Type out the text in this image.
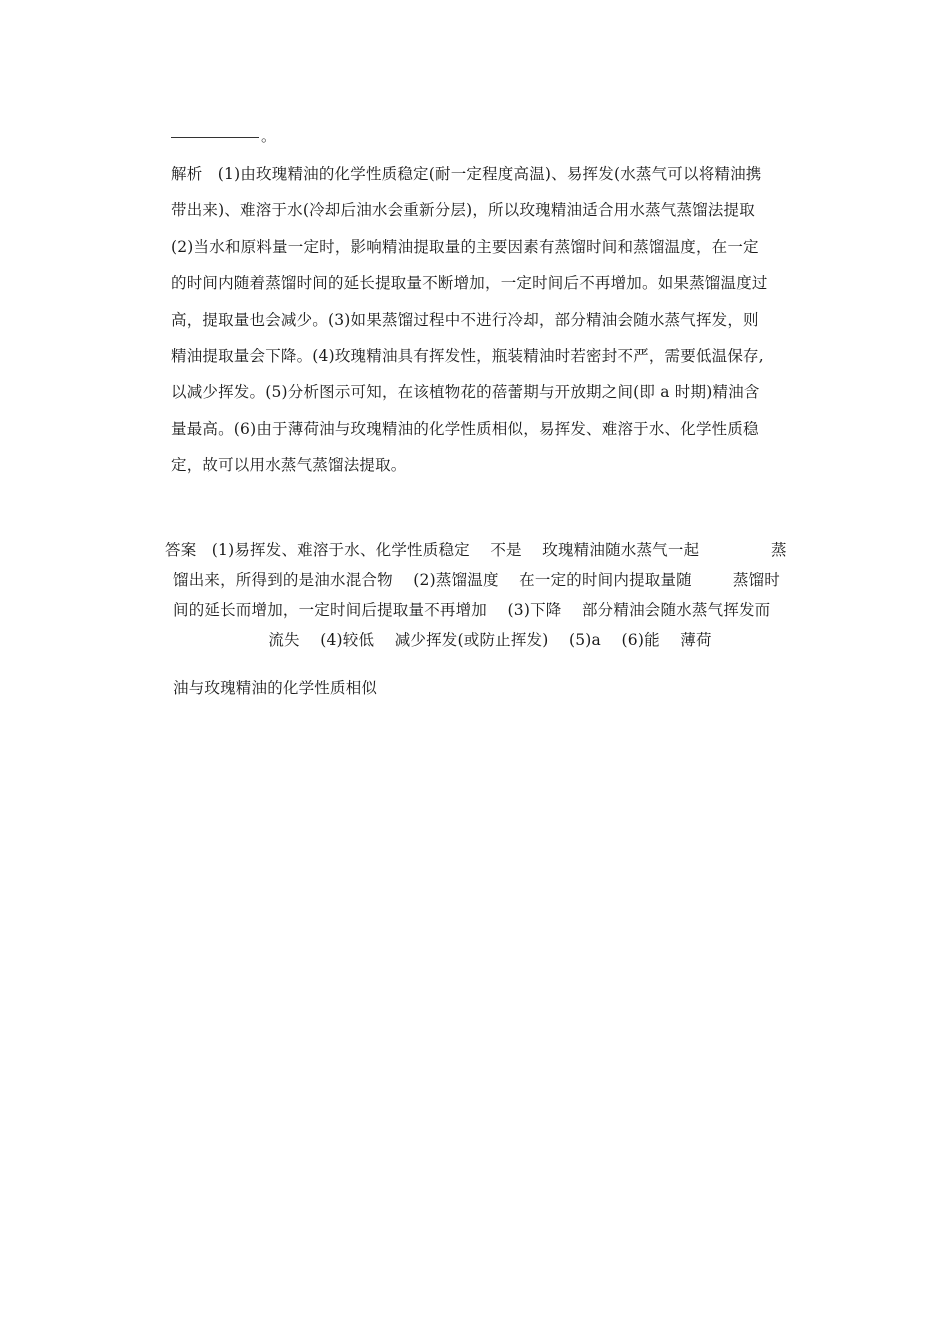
。
解析 (1)由玫瑰精油的化学性质稳定(耐一定程度高温)、易挥发(水蒸气可以将精油携
带出来)、难溶于水(冷却后油水会重新分层)，所以玫瑰精油适合用水蒸气蒸馏法提取
(2)当水和原料量一定时，影响精油提取量的主要因素有蒸馏时间和蒸馏温度，在一定
的时间内随着蒸馏时间的延长提取量不断增加，一定时间后不再增加。如果蒸馏温度过
高，提取量也会减少。(3)如果蒸馏过程中不进行冷却，部分精油会随水蒸气挥发，则
精油提取量会下降。(4)玫瑰精油具有挥发性，瓶装精油时若密封不严，需要低温保存,
以减少挥发。(5)分析图示可知，在该植物花的蓓蕾期与开放期之间(即 a 时期)精油含
量最高。(6)由于薄荷油与玫瑰精油的化学性质相似，易挥发、难溶于水、化学性质稳
定，故可以用水蒸气蒸馏法提取。
答案 (1)易挥发、难溶于水、化学性质稳定    不是    玫瑰精油随水蒸气一起              蒸
馏出来，所得到的是油水混合物    (2)蒸馏温度    在一定的时间内提取量随        蒸馏时
间的延长而增加，一定时间后提取量不再增加    (3)下降    部分精油会随水蒸气挥发而
流失    (4)较低    减少挥发(或防止挥发)    (5)a    (6)能    薄荷
油与玫瑰精油的化学性质相似
